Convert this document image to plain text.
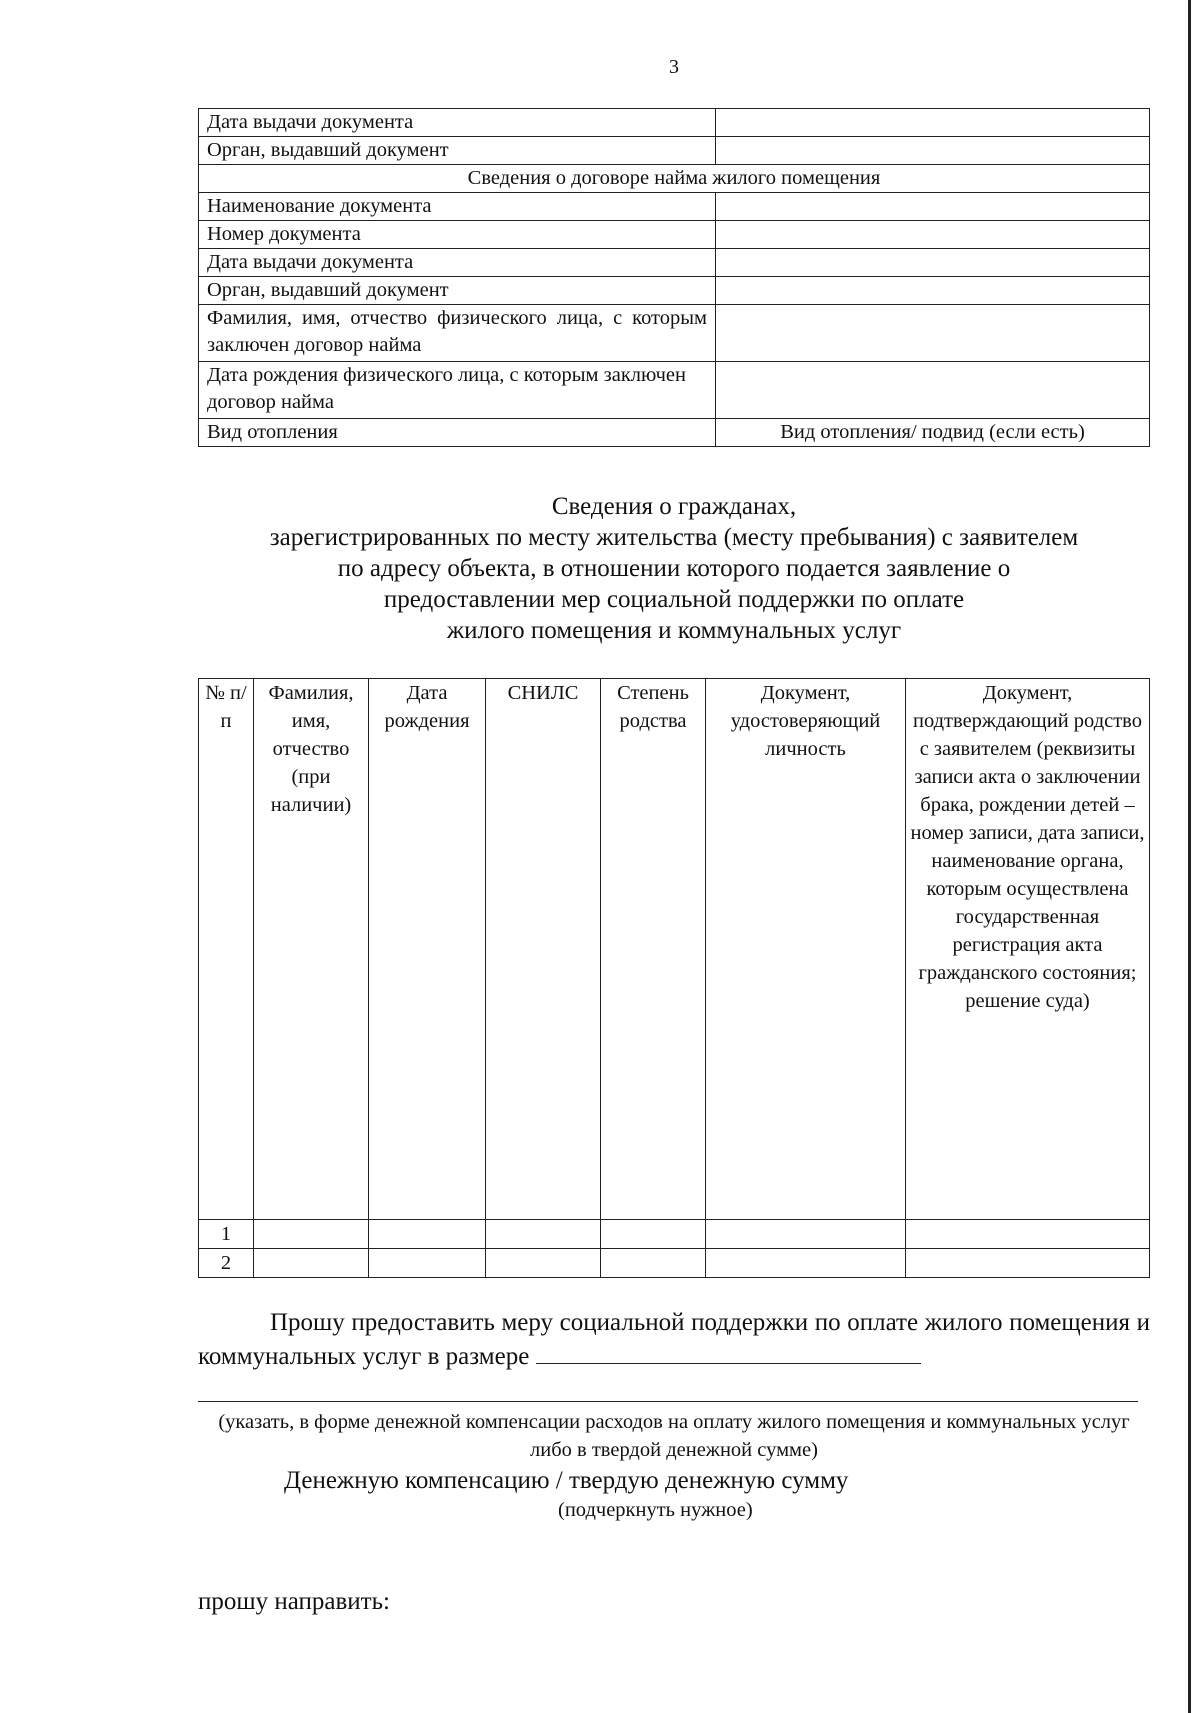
3
Дата выдачи документа	
Орган, выдавший документ	
Сведения о договоре найма жилого помещения	
Наименование документа	
Номер документа	
Дата выдачи документа	
Орган, выдавший документ	
Фамилия, имя, отчество физического лица, с которым заключен договор найма	
Дата рождения физического лица, с которым заключен договор найма	
Вид отопления	Вид отопления/ подвид (если есть)
Сведения о гражданах,
зарегистрированных по месту жительства (месту пребывания) с заявителем
по адресу объекта, в отношении которого подается заявление о
предоставлении мер социальной поддержки по оплате
жилого помещения и коммунальных услуг
№ п/п	Фамилия, имя, отчество (при наличии)	Дата рождения	СНИЛС	Степень родства	Документ, удостоверяющий личность	Документ, подтверждающий родство с заявителем (реквизиты записи акта о заключении брака, рождении детей – номер записи, дата записи, наименование органа, которым осуществлена государственная регистрация акта гражданского состояния; решение суда)
1						
2						
Прошу предоставить меру социальной поддержки по оплате жилого помещения и коммунальных услуг в размере
(указать, в форме денежной компенсации расходов на оплату жилого помещения и коммунальных услуг либо в твердой денежной сумме)
Денежную компенсацию / твердую денежную сумму
(подчеркнуть нужное)
прошу направить:
